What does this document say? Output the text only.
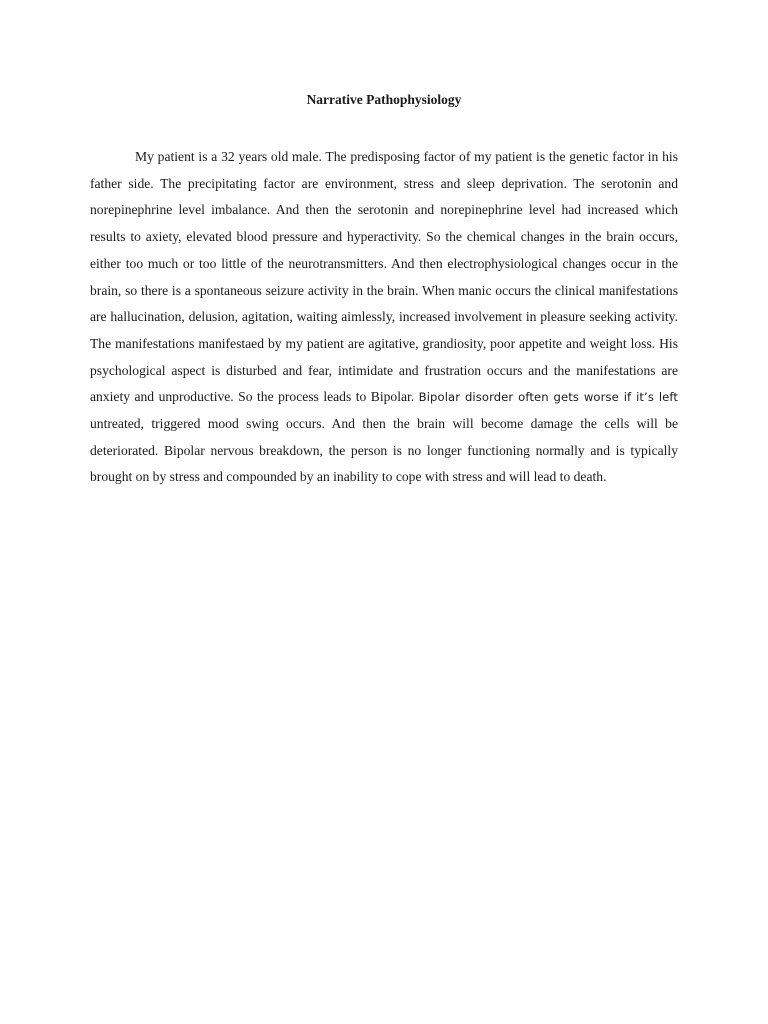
Narrative Pathophysiology

My patient is a 32 years old male. The predisposing factor of my patient is the genetic factor in his father side. The precipitating factor are environment, stress and sleep deprivation. The serotonin and norepinephrine level imbalance. And then the serotonin and norepinephrine level had increased which results to axiety, elevated blood pressure and hyperactivity. So the chemical changes in the brain occurs, either too much or too little of the neurotransmitters. And then electrophysiological changes occur in the brain, so there is a spontaneous seizure activity in the brain. When manic occurs the clinical manifestations are hallucination, delusion, agitation, waiting aimlessly, increased involvement in pleasure seeking activity. The manifestations manifestaed by my patient are agitative, grandiosity, poor appetite and weight loss. His psychological aspect is disturbed and fear, intimidate and frustration occurs and the manifestations are anxiety and unproductive. So the process leads to Bipolar. Bipolar disorder often gets worse if it’s left untreated, triggered mood swing occurs. And then the brain will become damage the cells will be deteriorated. Bipolar nervous breakdown, the person is no longer functioning normally and is typically brought on by stress and compounded by an inability to cope with stress and will lead to death.
